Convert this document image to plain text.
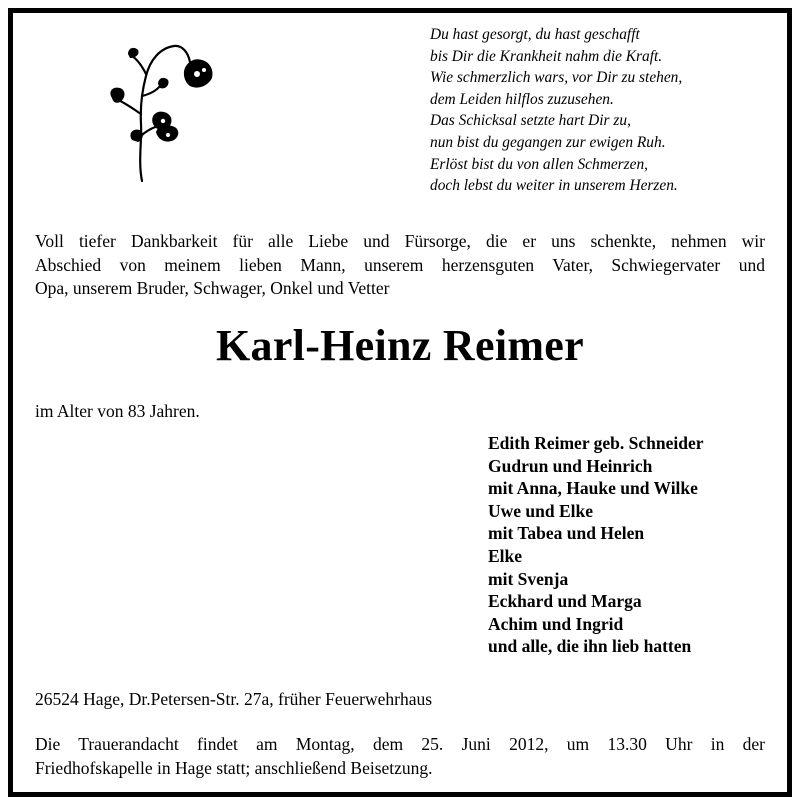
Du hast gesorgt, du hast geschafft
bis Dir die Krankheit nahm die Kraft.
Wie schmerzlich wars, vor Dir zu stehen,
dem Leiden hilflos zuzusehen.
Das Schicksal setzte hart Dir zu,
nun bist du gegangen zur ewigen Ruh.
Erlöst bist du von allen Schmerzen,
doch lebst du weiter in unserem Herzen.
Voll tiefer Dankbarkeit für alle Liebe und Fürsorge, die er uns schenkte, nehmen wir
Abschied von meinem lieben Mann, unserem herzensguten Vater, Schwiegervater und
Opa, unserem Bruder, Schwager, Onkel und Vetter
Karl-Heinz Reimer
im Alter von 83 Jahren.
Edith Reimer geb. Schneider
Gudrun und Heinrich
mit Anna, Hauke und Wilke
Uwe und Elke
mit Tabea und Helen
Elke
mit Svenja
Eckhard und Marga
Achim und Ingrid
und alle, die ihn lieb hatten
26524 Hage, Dr.Petersen-Str. 27a, früher Feuerwehrhaus
Die Trauerandacht findet am Montag, dem 25. Juni 2012, um 13.30 Uhr in der
Friedhofskapelle in Hage statt; anschließend Beisetzung.
